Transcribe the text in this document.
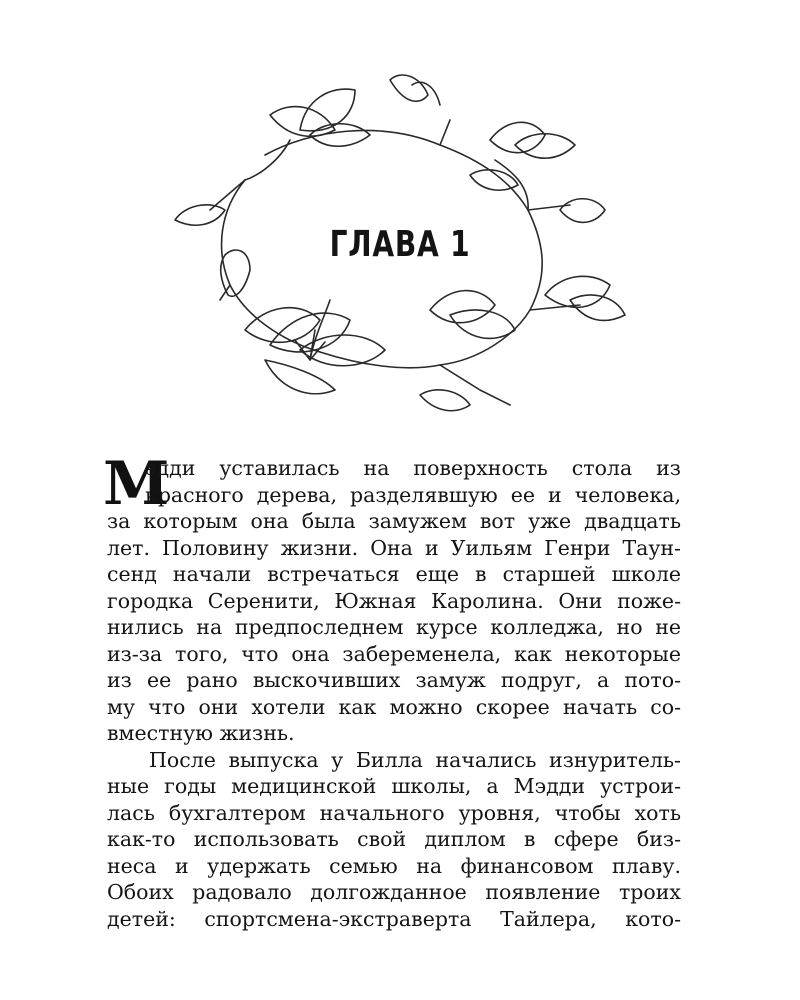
ГЛАВА 1
М
эдди уставилась на поверхность стола из
красного дерева, разделявшую ее и человека,
за которым она была замужем вот уже двадцать
лет. Половину жизни. Она и Уильям Генри Таун-
сенд начали встречаться еще в старшей школе
городка Серенити, Южная Каролина. Они поже-
нились на предпоследнем курсе колледжа, но не
из-за того, что она забеременела, как некоторые
из ее рано выскочивших замуж подруг, а пото-
му что они хотели как можно скорее начать со-
вместную жизнь.
После выпуска у Билла начались изнуритель-
ные годы медицинской школы, а Мэдди устрои-
лась бухгалтером начального уровня, чтобы хоть
как-то использовать свой диплом в сфере биз-
неса и удержать семью на финансовом плаву.
Обоих радовало долгожданное появление троих
детей: спортсмена-экстраверта Тайлера, кото-
